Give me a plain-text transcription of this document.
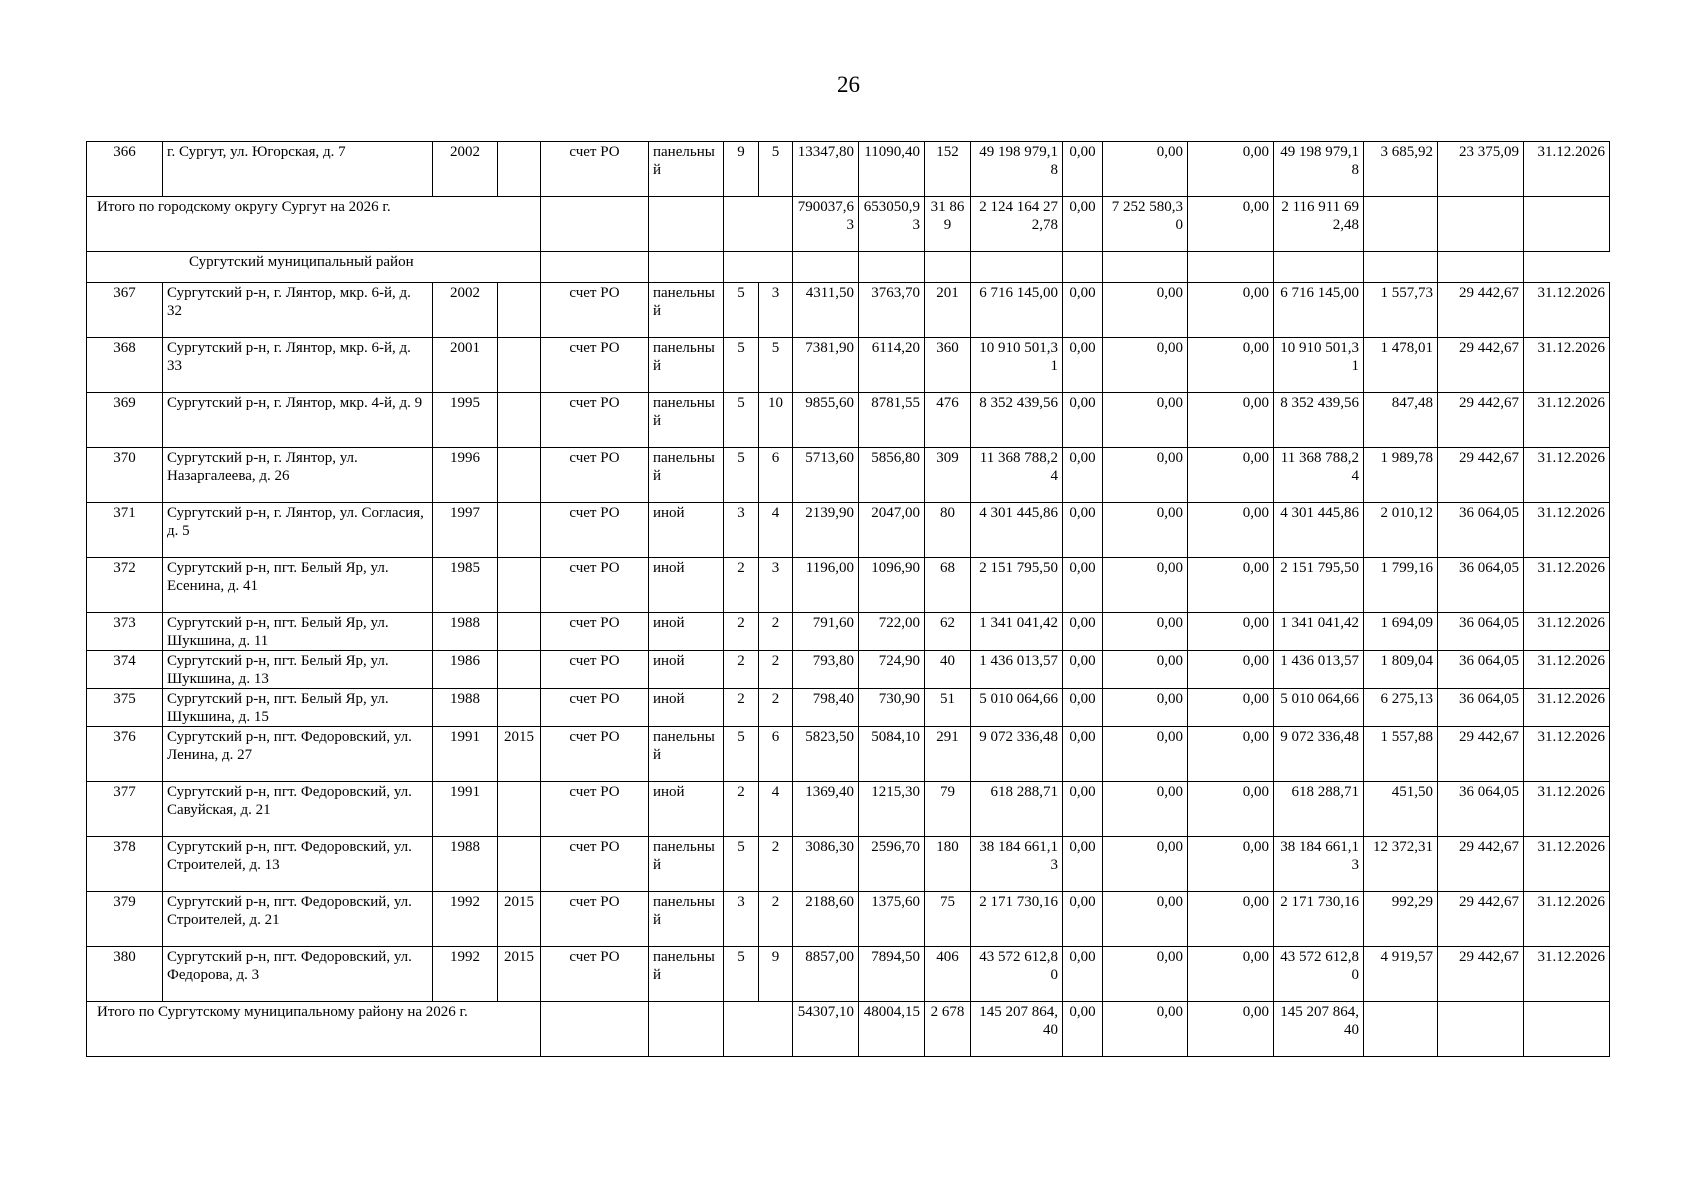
26
366	г. Сургут, ул. Югорская, д. 7	2002		счет РО	панельный	9	5	13347,80	11090,40	152	49 198 979,18	0,00	0,00	0,00	49 198 979,18	3 685,92	23 375,09	31.12.2026
Итого по городскому округу Сургут на 2026 г.								790037,63	653050,93	31 869	2 124 164 272,78	0,00	7 252 580,30	0,00	2 116 911 692,48			
Сургутский муниципальный район																		
367	Сургутский р-н, г. Лянтор, мкр. 6-й, д. 32	2002		счет РО	панельный	5	3	4311,50	3763,70	201	6 716 145,00	0,00	0,00	0,00	6 716 145,00	1 557,73	29 442,67	31.12.2026
368	Сургутский р-н, г. Лянтор, мкр. 6-й, д. 33	2001		счет РО	панельный	5	5	7381,90	6114,20	360	10 910 501,31	0,00	0,00	0,00	10 910 501,31	1 478,01	29 442,67	31.12.2026
369	Сургутский р-н, г. Лянтор, мкр. 4-й, д. 9	1995		счет РО	панельный	5	10	9855,60	8781,55	476	8 352 439,56	0,00	0,00	0,00	8 352 439,56	847,48	29 442,67	31.12.2026
370	Сургутский р-н, г. Лянтор, ул. Назаргалеева, д. 26	1996		счет РО	панельный	5	6	5713,60	5856,80	309	11 368 788,24	0,00	0,00	0,00	11 368 788,24	1 989,78	29 442,67	31.12.2026
371	Сургутский р-н, г. Лянтор, ул. Согласия, д. 5	1997		счет РО	иной	3	4	2139,90	2047,00	80	4 301 445,86	0,00	0,00	0,00	4 301 445,86	2 010,12	36 064,05	31.12.2026
372	Сургутский р-н, пгт. Белый Яр, ул. Есенина, д. 41	1985		счет РО	иной	2	3	1196,00	1096,90	68	2 151 795,50	0,00	0,00	0,00	2 151 795,50	1 799,16	36 064,05	31.12.2026
373	Сургутский р-н, пгт. Белый Яр, ул. Шукшина, д. 11	1988		счет РО	иной	2	2	791,60	722,00	62	1 341 041,42	0,00	0,00	0,00	1 341 041,42	1 694,09	36 064,05	31.12.2026
374	Сургутский р-н, пгт. Белый Яр, ул. Шукшина, д. 13	1986		счет РО	иной	2	2	793,80	724,90	40	1 436 013,57	0,00	0,00	0,00	1 436 013,57	1 809,04	36 064,05	31.12.2026
375	Сургутский р-н, пгт. Белый Яр, ул. Шукшина, д. 15	1988		счет РО	иной	2	2	798,40	730,90	51	5 010 064,66	0,00	0,00	0,00	5 010 064,66	6 275,13	36 064,05	31.12.2026
376	Сургутский р-н, пгт. Федоровский, ул. Ленина, д. 27	1991	2015	счет РО	панельный	5	6	5823,50	5084,10	291	9 072 336,48	0,00	0,00	0,00	9 072 336,48	1 557,88	29 442,67	31.12.2026
377	Сургутский р-н, пгт. Федоровский, ул. Савуйская, д. 21	1991		счет РО	иной	2	4	1369,40	1215,30	79	618 288,71	0,00	0,00	0,00	618 288,71	451,50	36 064,05	31.12.2026
378	Сургутский р-н, пгт. Федоровский, ул. Строителей, д. 13	1988		счет РО	панельный	5	2	3086,30	2596,70	180	38 184 661,13	0,00	0,00	0,00	38 184 661,13	12 372,31	29 442,67	31.12.2026
379	Сургутский р-н, пгт. Федоровский, ул. Строителей, д. 21	1992	2015	счет РО	панельный	3	2	2188,60	1375,60	75	2 171 730,16	0,00	0,00	0,00	2 171 730,16	992,29	29 442,67	31.12.2026
380	Сургутский р-н, пгт. Федоровский, ул. Федорова, д. 3	1992	2015	счет РО	панельный	5	9	8857,00	7894,50	406	43 572 612,80	0,00	0,00	0,00	43 572 612,80	4 919,57	29 442,67	31.12.2026
Итого по Сургутскому муниципальному району на 2026 г.								54307,10	48004,15	2 678	145 207 864,40	0,00	0,00	0,00	145 207 864,40			
